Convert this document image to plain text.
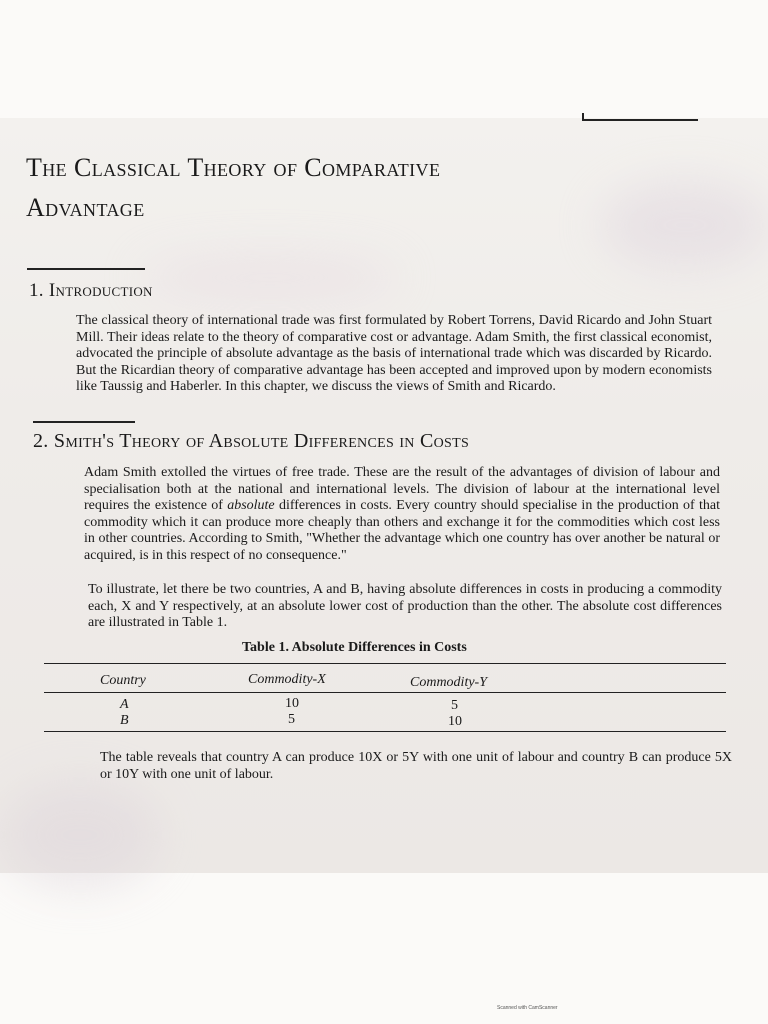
The Classical Theory of Comparative
Advantage
1. Introduction

The classical theory of international trade was first formulated by Robert Torrens, David Ricardo and John Stuart Mill. Their ideas relate to the theory of comparative cost or advantage. Adam Smith, the first classical economist, advocated the principle of absolute advantage as the basis of international trade which was discarded by Ricardo. But the Ricardian theory of comparative advantage has been accepted and improved upon by modern economists like Taussig and Haberler. In this chapter, we discuss the views of Smith and Ricardo.

2. Smith's Theory of Absolute Differences in Costs

Adam Smith extolled the virtues of free trade. These are the result of the advantages of division of labour and specialisation both at the national and international levels. The division of labour at the international level requires the existence of absolute differences in costs. Every country should specialise in the production of that commodity which it can produce more cheaply than others and exchange it for the commodities which cost less in other countries. According to Smith, "Whether the advantage which one country has over another be natural or acquired, is in this respect of no consequence."

To illustrate, let there be two countries, A and B, having absolute differences in costs in producing a commodity each, X and Y respectively, at an absolute lower cost of production than the other. The absolute cost differences are illustrated in Table 1.

Table 1. Absolute Differences in Costs

Country	Commodity-X	Commodity-Y
A	10	5
B	5	10

The table reveals that country A can produce 10X or 5Y with one unit of labour and country B can produce 5X or 10Y with one unit of labour.

Scanned with CamScanner
